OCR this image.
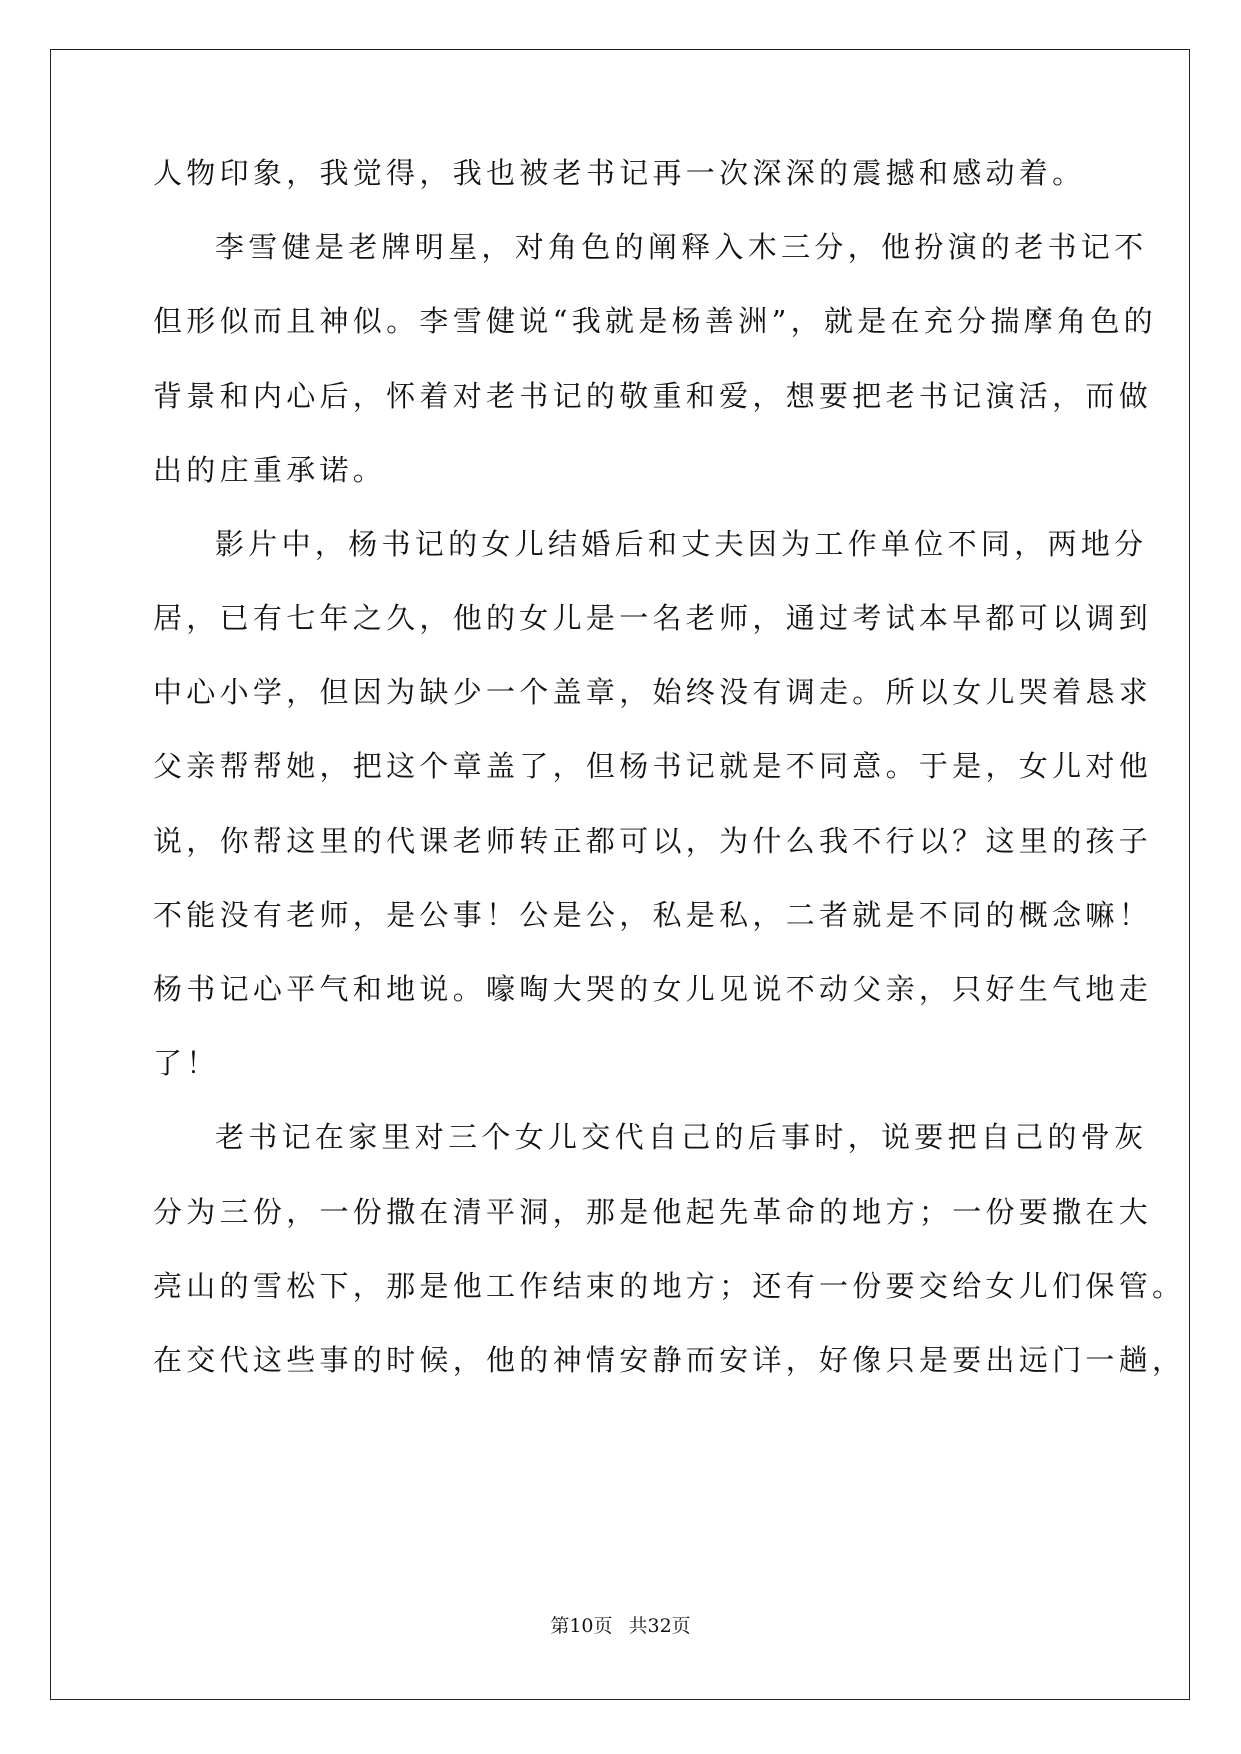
人物印象，我觉得，我也被老书记再一次深深的震撼和感动着。

李雪健是老牌明星，对角色的阐释入木三分，他扮演的老书记不

但形似而且神似。李雪健说“我就是杨善洲”，就是在充分揣摩角色的

背景和内心后，怀着对老书记的敬重和爱，想要把老书记演活，而做

出的庄重承诺。

影片中，杨书记的女儿结婚后和丈夫因为工作单位不同，两地分

居，已有七年之久，他的女儿是一名老师，通过考试本早都可以调到

中心小学，但因为缺少一个盖章，始终没有调走。所以女儿哭着恳求

父亲帮帮她，把这个章盖了，但杨书记就是不同意。于是，女儿对他

说，你帮这里的代课老师转正都可以，为什么我不行以？这里的孩子

不能没有老师，是公事！公是公，私是私，二者就是不同的概念嘛！

杨书记心平气和地说。嚎啕大哭的女儿见说不动父亲，只好生气地走

了！

老书记在家里对三个女儿交代自己的后事时，说要把自己的骨灰

分为三份，一份撒在清平洞，那是他起先革命的地方；一份要撒在大

亮山的雪松下，那是他工作结束的地方；还有一份要交给女儿们保管。

在交代这些事的时候，他的神情安静而安详，好像只是要出远门一趟，

第10页 共32页
